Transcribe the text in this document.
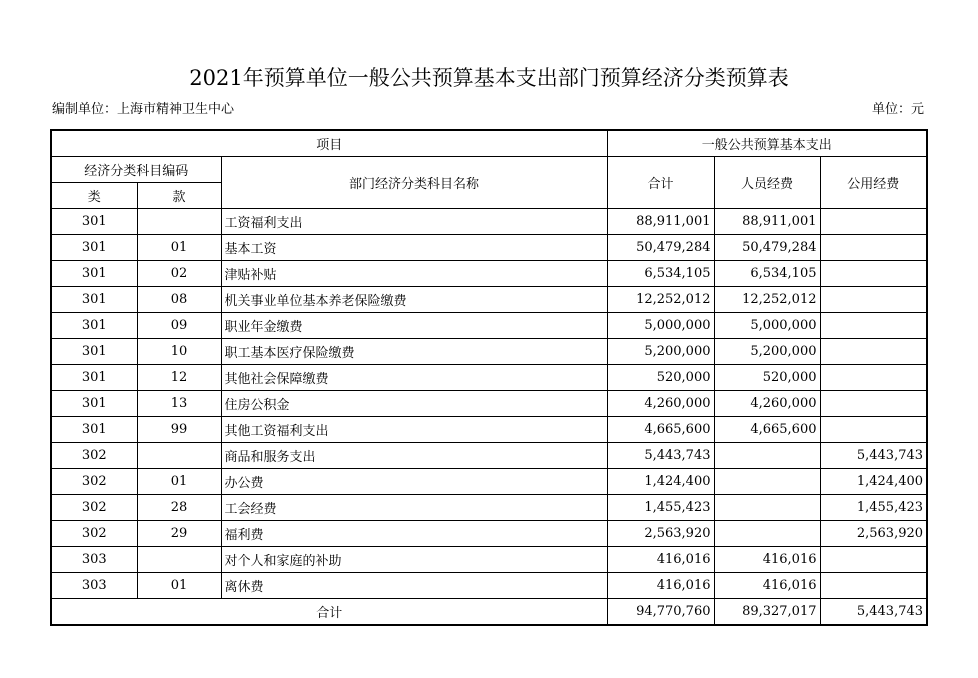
2021年预算单位一般公共预算基本支出部门预算经济分类预算表
编制单位：上海市精神卫生中心	单位：元
项目			一般公共预算基本支出		
经济分类科目编码		部门经济分类科目名称	合计	人员经费	公用经费
类	款				
301		工资福利支出	88,911,001	88,911,001	
301	01	基本工资	50,479,284	50,479,284	
301	02	津贴补贴	6,534,105	6,534,105	
301	08	机关事业单位基本养老保险缴费	12,252,012	12,252,012	
301	09	职业年金缴费	5,000,000	5,000,000	
301	10	职工基本医疗保险缴费	5,200,000	5,200,000	
301	12	其他社会保障缴费	520,000	520,000	
301	13	住房公积金	4,260,000	4,260,000	
301	99	其他工资福利支出	4,665,600	4,665,600	
302		商品和服务支出	5,443,743		5,443,743
302	01	办公费	1,424,400		1,424,400
302	28	工会经费	1,455,423		1,455,423
302	29	福利费	2,563,920		2,563,920
303		对个人和家庭的补助	416,016	416,016	
303	01	离休费	416,016	416,016	
合计			94,770,760	89,327,017	5,443,743
